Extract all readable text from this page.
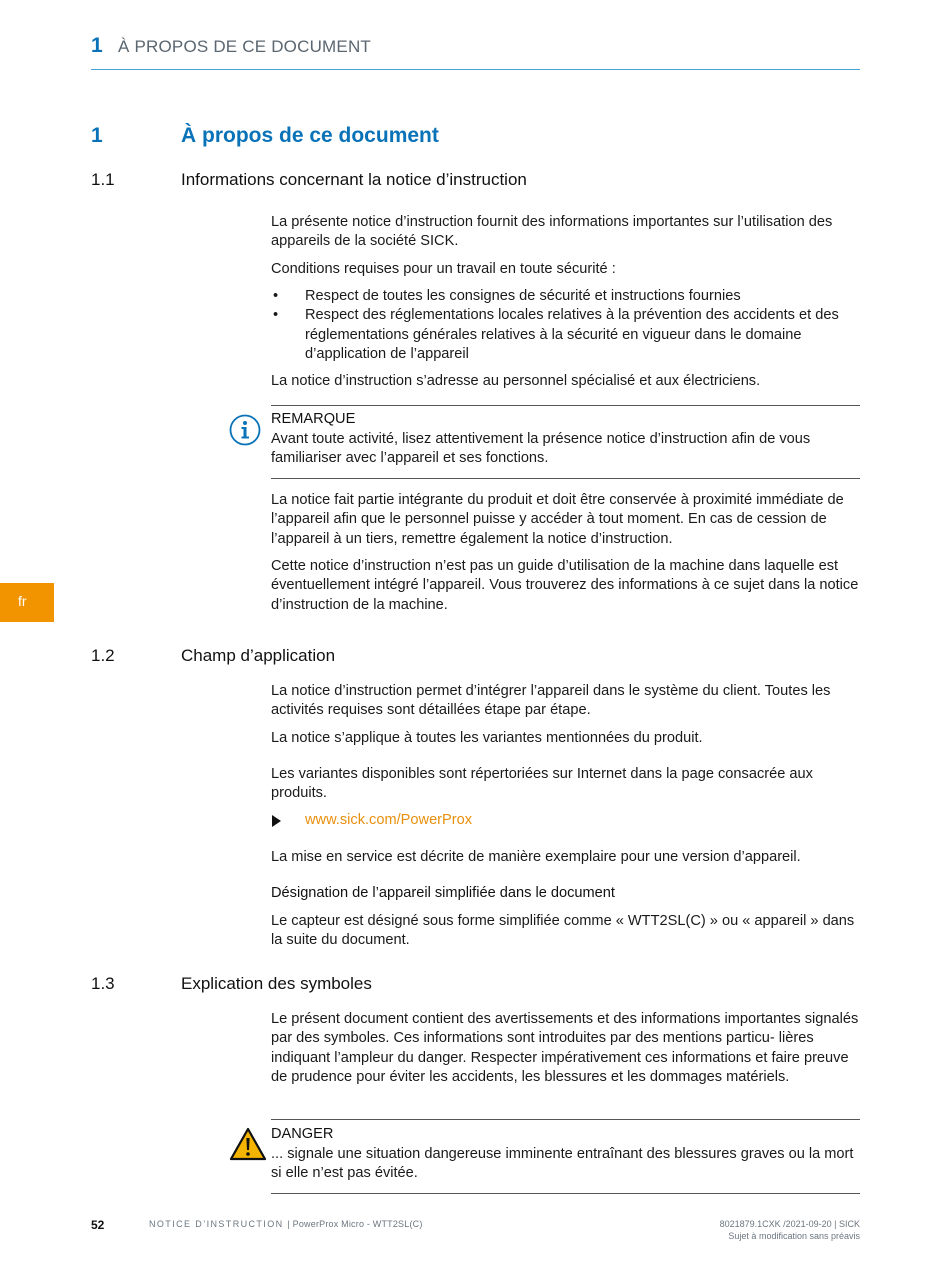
1 À PROPOS DE CE DOCUMENT
fr
1	À propos de ce document
1.1	Informations concernant la notice d’instruction

La présente notice d’instruction fournit des informations importantes sur l’utilisation des appareils de la société SICK.

Conditions requises pour un travail en toute sécurité :

• Respect de toutes les consignes de sécurité et instructions fournies
• Respect des réglementations locales relatives à la prévention des accidents et des réglementations générales relatives à la sécurité en vigueur dans le domaine d’application de l’appareil

La notice d’instruction s’adresse au personnel spécialisé et aux électriciens.

REMARQUE

Avant toute activité, lisez attentivement la présence notice d’instruction afin de vous familiariser avec l’appareil et ses fonctions.

La notice fait partie intégrante du produit et doit être conservée à proximité immédiate de l’appareil afin que le personnel puisse y accéder à tout moment. En cas de cession de l’appareil à un tiers, remettre également la notice d’instruction.

Cette notice d’instruction n’est pas un guide d’utilisation de la machine dans laquelle est éventuellement intégré l’appareil. Vous trouverez des informations à ce sujet dans la notice d’instruction de la machine.

1.2	Champ d’application

La notice d’instruction permet d’intégrer l’appareil dans le système du client. Toutes les activités requises sont détaillées étape par étape.

La notice s’applique à toutes les variantes mentionnées du produit.

Les variantes disponibles sont répertoriées sur Internet dans la page consacrée aux produits.

www.sick.com/PowerProx

La mise en service est décrite de manière exemplaire pour une version d’appareil.

Désignation de l’appareil simplifiée dans le document

Le capteur est désigné sous forme simplifiée comme « WTT2SL(C) » ou « appareil » dans la suite du document.

1.3	Explication des symboles

Le présent document contient des avertissements et des informations importantes signalés par des symboles. Ces informations sont introduites par des mentions particu- lières indiquant l’ampleur du danger. Respecter impérativement ces informations et faire preuve de prudence pour éviter les accidents, les blessures et les dommages matériels.

DANGER

... signale une situation dangereuse imminente entraînant des blessures graves ou la mort si elle n’est pas évitée.

52	NOTICE D’INSTRUCTION | PowerProx Micro - WTT2SL(C)	8021879.1CXK /2021-09-20 | SICK
Sujet à modification sans préavis
